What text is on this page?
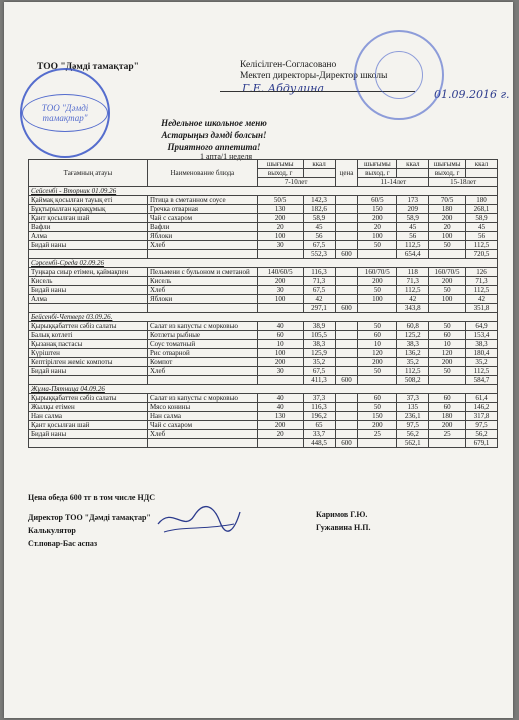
ТОО "Дәмді тамақтар"
ТОО "Дәмді тамақтар"
Келісілген-Согласовано
Мектеп директоры-Директор школы
Г.Е. Абдулина	01.09.2016 г.
Недельное школьное меню
Астарыңыз дәмді болсын!
Приятного аппетита!
1 апта/1 неделя
Тағамның атауы	Наименование блюда	шығымы	ккал	цена	шығымы	ккал	шығымы	ккал
		выход, г			выход, г		выход, г	
		7-10лет			11-14лет		15-18лет	
Сейсенбі - Вторник 01.09.26								
Қаймақ қосылған тауық еті	Птица в сметанном соусе	50/5	142,3		60/5	173	70/5	180
Бұқтырылған қарақұмық	Гречка отварная	130	182,6		150	209	180	268,1
Қант қосылған шай	Чай с сахаром	200	58,9		200	58,9	200	58,9
Вафли	Вафли	20	45		20	45	20	45
Алма	Яблоки	100	56		100	56	100	56
Бидай наны	Хлеб	30	67,5		50	112,5	50	112,5
			552,3	600		654,4		720,5
Сәрсенбі-Среда 02.09.26								
Туңкара сиыр етімен, қаймақпен	Пельмени с бульоном и сметаной	140/60/5	116,3		160/70/5	118	160/70/5	126
Кисель	Кисель	200	71,3		200	71,3	200	71,3
Бидай наны	Хлеб	30	67,5		50	112,5	50	112,5
Алма	Яблоки	100	42		100	42	100	42
			297,1	600		343,8		351,8
Бейсенбі-Четверг 03.09.26.								
Қырыққабаттен сәбіз салаты	Салат из капусты с морковью	40	38,9		50	60,8	50	64,9
Балық котлеті	Котлеты рыбные	60	105,5		60	125,2	60	153,4
Қызанақ пастасы	Соус томатный	10	38,3		10	38,3	10	38,3
Күріштен	Рис отварной	100	125,9		120	136,2	120	180,4
Кептірілген жеміс компоты	Компот	200	35,2		200	35,2	200	35,2
Бидай наны	Хлеб	30	67,5		50	112,5	50	112,5
			411,3	600		508,2		584,7
Жұма-Пятница 04.09.26								
Қырыққабаттен сәбіз салаты	Салат из капусты с морковью	40	37,3		60	37,3	60	61,4
Жылқы етімен	Мясо конины	40	116,3		50	135	60	146,2
Нан салма	Нан салма	130	196,2		150	236,1	180	317,8
Қант қосылған шай	Чай с сахаром	200	65		200	97,5	200	97,5
Бидай наны	Хлеб	20	33,7		25	56,2	25	56,2
			448,5	600		562,1		679,1
Цена обеда 600 тг в том числе НДС
Директор ТОО "Дәмді тамақтар"
Калькулятор
Ст.повар-Бас аспаз
Каримов Г.Ю.
Гужавина Н.П.
